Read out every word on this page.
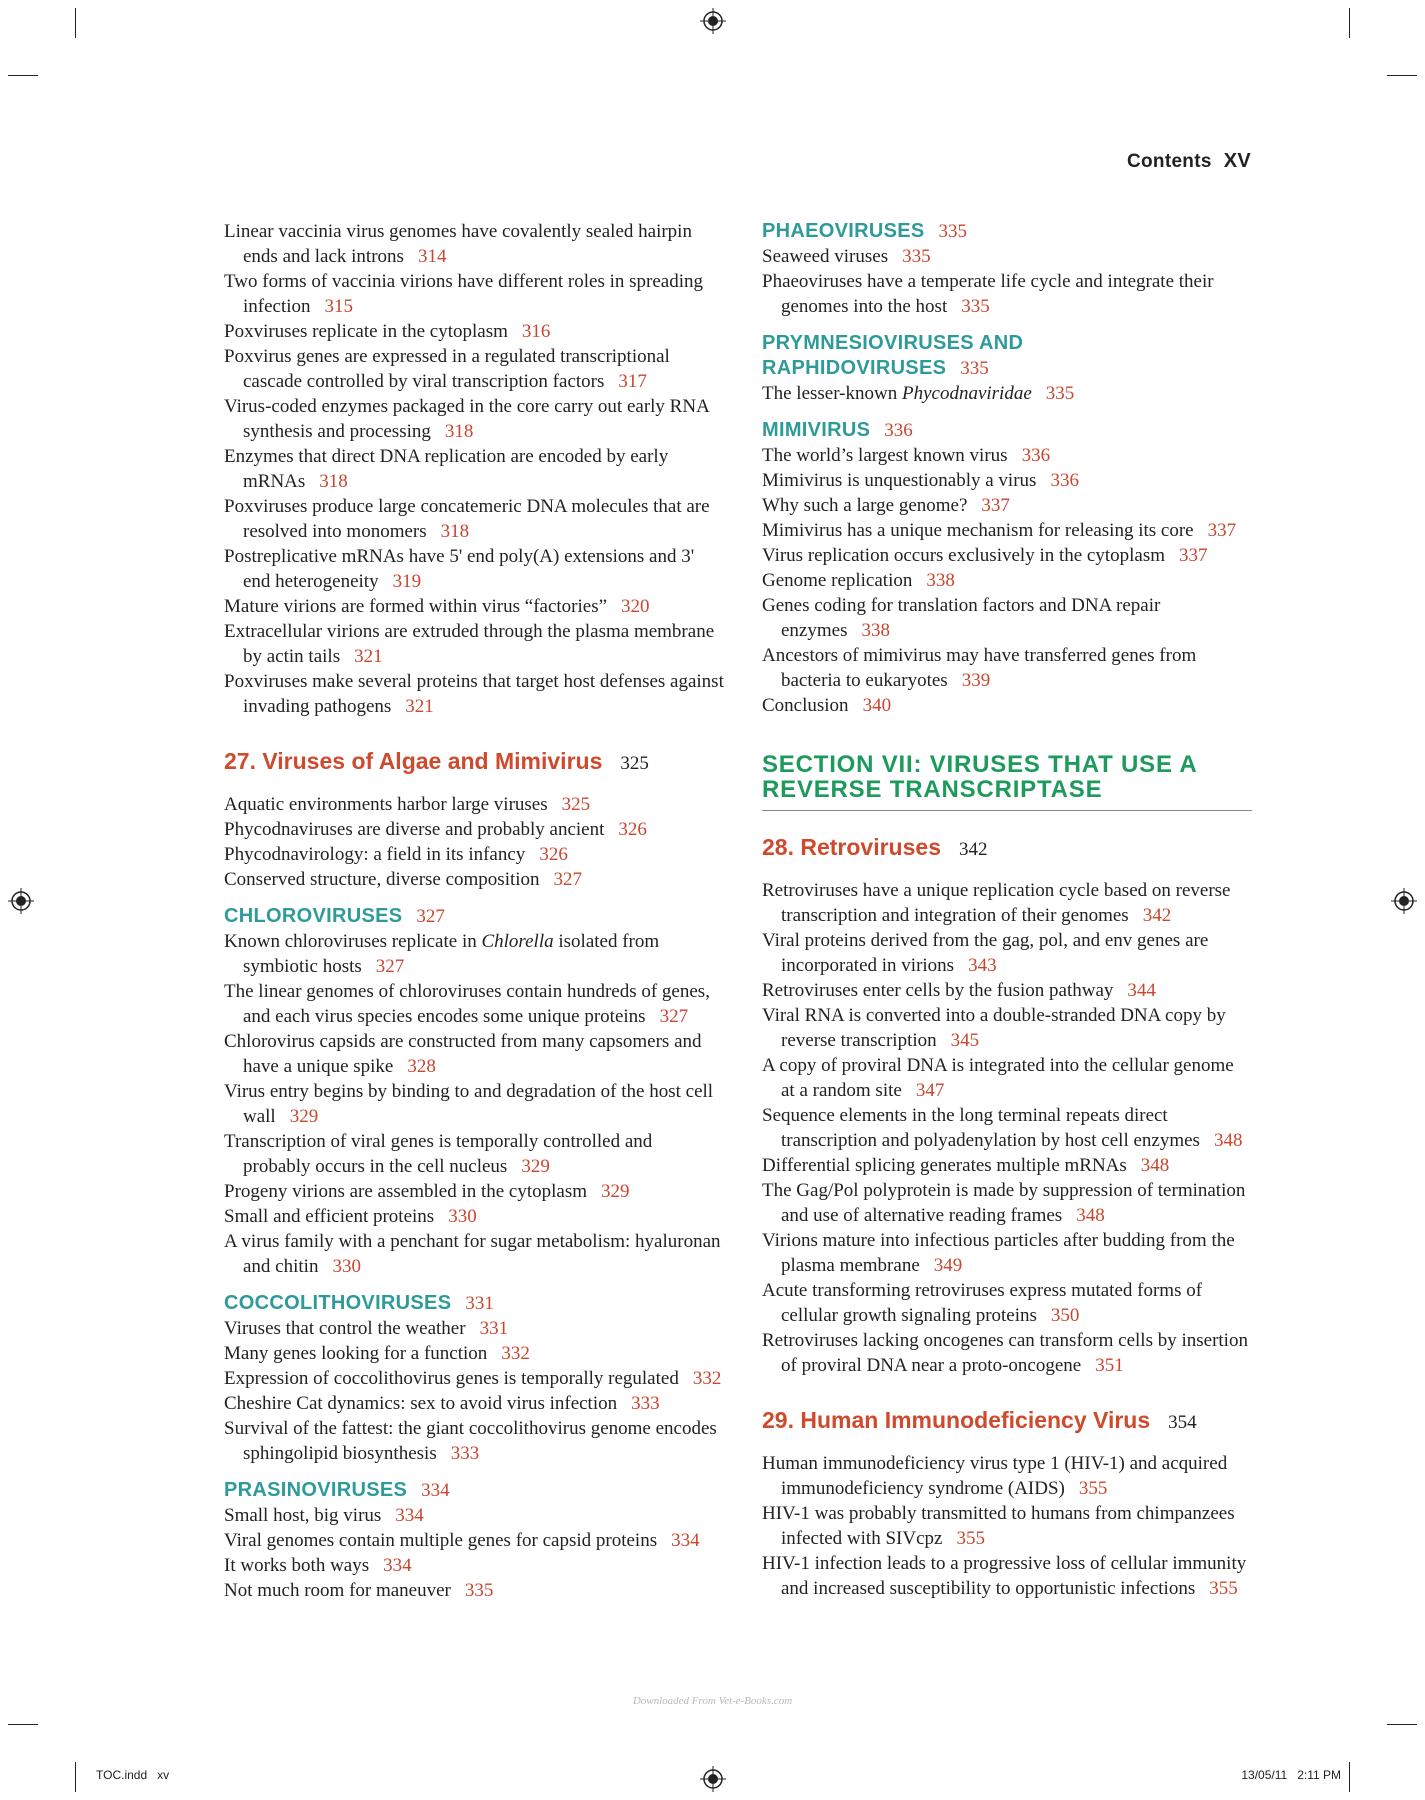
Contents XV
Linear vaccinia virus genomes have covalently sealed hairpin ends and lack introns 314
Two forms of vaccinia virions have different roles in spreading infection 315
Poxviruses replicate in the cytoplasm 316
Poxvirus genes are expressed in a regulated transcriptional cascade controlled by viral transcription factors 317
Virus-coded enzymes packaged in the core carry out early RNA synthesis and processing 318
Enzymes that direct DNA replication are encoded by early mRNAs 318
Poxviruses produce large concatemeric DNA molecules that are resolved into monomers 318
Postreplicative mRNAs have 5' end poly(A) extensions and 3' end heterogeneity 319
Mature virions are formed within virus “factories” 320
Extracellular virions are extruded through the plasma membrane by actin tails 321
Poxviruses make several proteins that target host defenses against invading pathogens 321
27. Viruses of Algae and Mimivirus 325
Aquatic environments harbor large viruses 325
Phycodnaviruses are diverse and probably ancient 326
Phycodnavirology: a field in its infancy 326
Conserved structure, diverse composition 327
CHLOROVIRUSES 327
Known chloroviruses replicate in Chlorella isolated from symbiotic hosts 327
The linear genomes of chloroviruses contain hundreds of genes, and each virus species encodes some unique proteins 327
Chlorovirus capsids are constructed from many capsomers and have a unique spike 328
Virus entry begins by binding to and degradation of the host cell wall 329
Transcription of viral genes is temporally controlled and probably occurs in the cell nucleus 329
Progeny virions are assembled in the cytoplasm 329
Small and efficient proteins 330
A virus family with a penchant for sugar metabolism: hyaluronan and chitin 330
COCCOLITHOVIRUSES 331
Viruses that control the weather 331
Many genes looking for a function 332
Expression of coccolithovirus genes is temporally regulated 332
Cheshire Cat dynamics: sex to avoid virus infection 333
Survival of the fattest: the giant coccolithovirus genome encodes sphingolipid biosynthesis 333
PRASINOVIRUSES 334
Small host, big virus 334
Viral genomes contain multiple genes for capsid proteins 334
It works both ways 334
Not much room for maneuver 335
PHAEOVIRUSES 335
Seaweed viruses 335
Phaeoviruses have a temperate life cycle and integrate their genomes into the host 335
PRYMNESIOVIRUSES AND RAPHIDOVIRUSES 335
The lesser-known Phycodnaviridae 335
MIMIVIRUS 336
The world’s largest known virus 336
Mimivirus is unquestionably a virus 336
Why such a large genome? 337
Mimivirus has a unique mechanism for releasing its core 337
Virus replication occurs exclusively in the cytoplasm 337
Genome replication 338
Genes coding for translation factors and DNA repair enzymes 338
Ancestors of mimivirus may have transferred genes from bacteria to eukaryotes 339
Conclusion 340
SECTION VII: VIRUSES THAT USE A REVERSE TRANSCRIPTASE
28. Retroviruses 342
Retroviruses have a unique replication cycle based on reverse transcription and integration of their genomes 342
Viral proteins derived from the gag, pol, and env genes are incorporated in virions 343
Retroviruses enter cells by the fusion pathway 344
Viral RNA is converted into a double-stranded DNA copy by reverse transcription 345
A copy of proviral DNA is integrated into the cellular genome at a random site 347
Sequence elements in the long terminal repeats direct transcription and polyadenylation by host cell enzymes 348
Differential splicing generates multiple mRNAs 348
The Gag/Pol polyprotein is made by suppression of termination and use of alternative reading frames 348
Virions mature into infectious particles after budding from the plasma membrane 349
Acute transforming retroviruses express mutated forms of cellular growth signaling proteins 350
Retroviruses lacking oncogenes can transform cells by insertion of proviral DNA near a proto-oncogene 351
29. Human Immunodeficiency Virus 354
Human immunodeficiency virus type 1 (HIV-1) and acquired immunodeficiency syndrome (AIDS) 355
HIV-1 was probably transmitted to humans from chimpanzees infected with SIVcpz 355
HIV-1 infection leads to a progressive loss of cellular immunity and increased susceptibility to opportunistic infections 355
Downloaded From Vet-e-Books.com
TOC.indd   xv	13/05/11   2:11 PM
